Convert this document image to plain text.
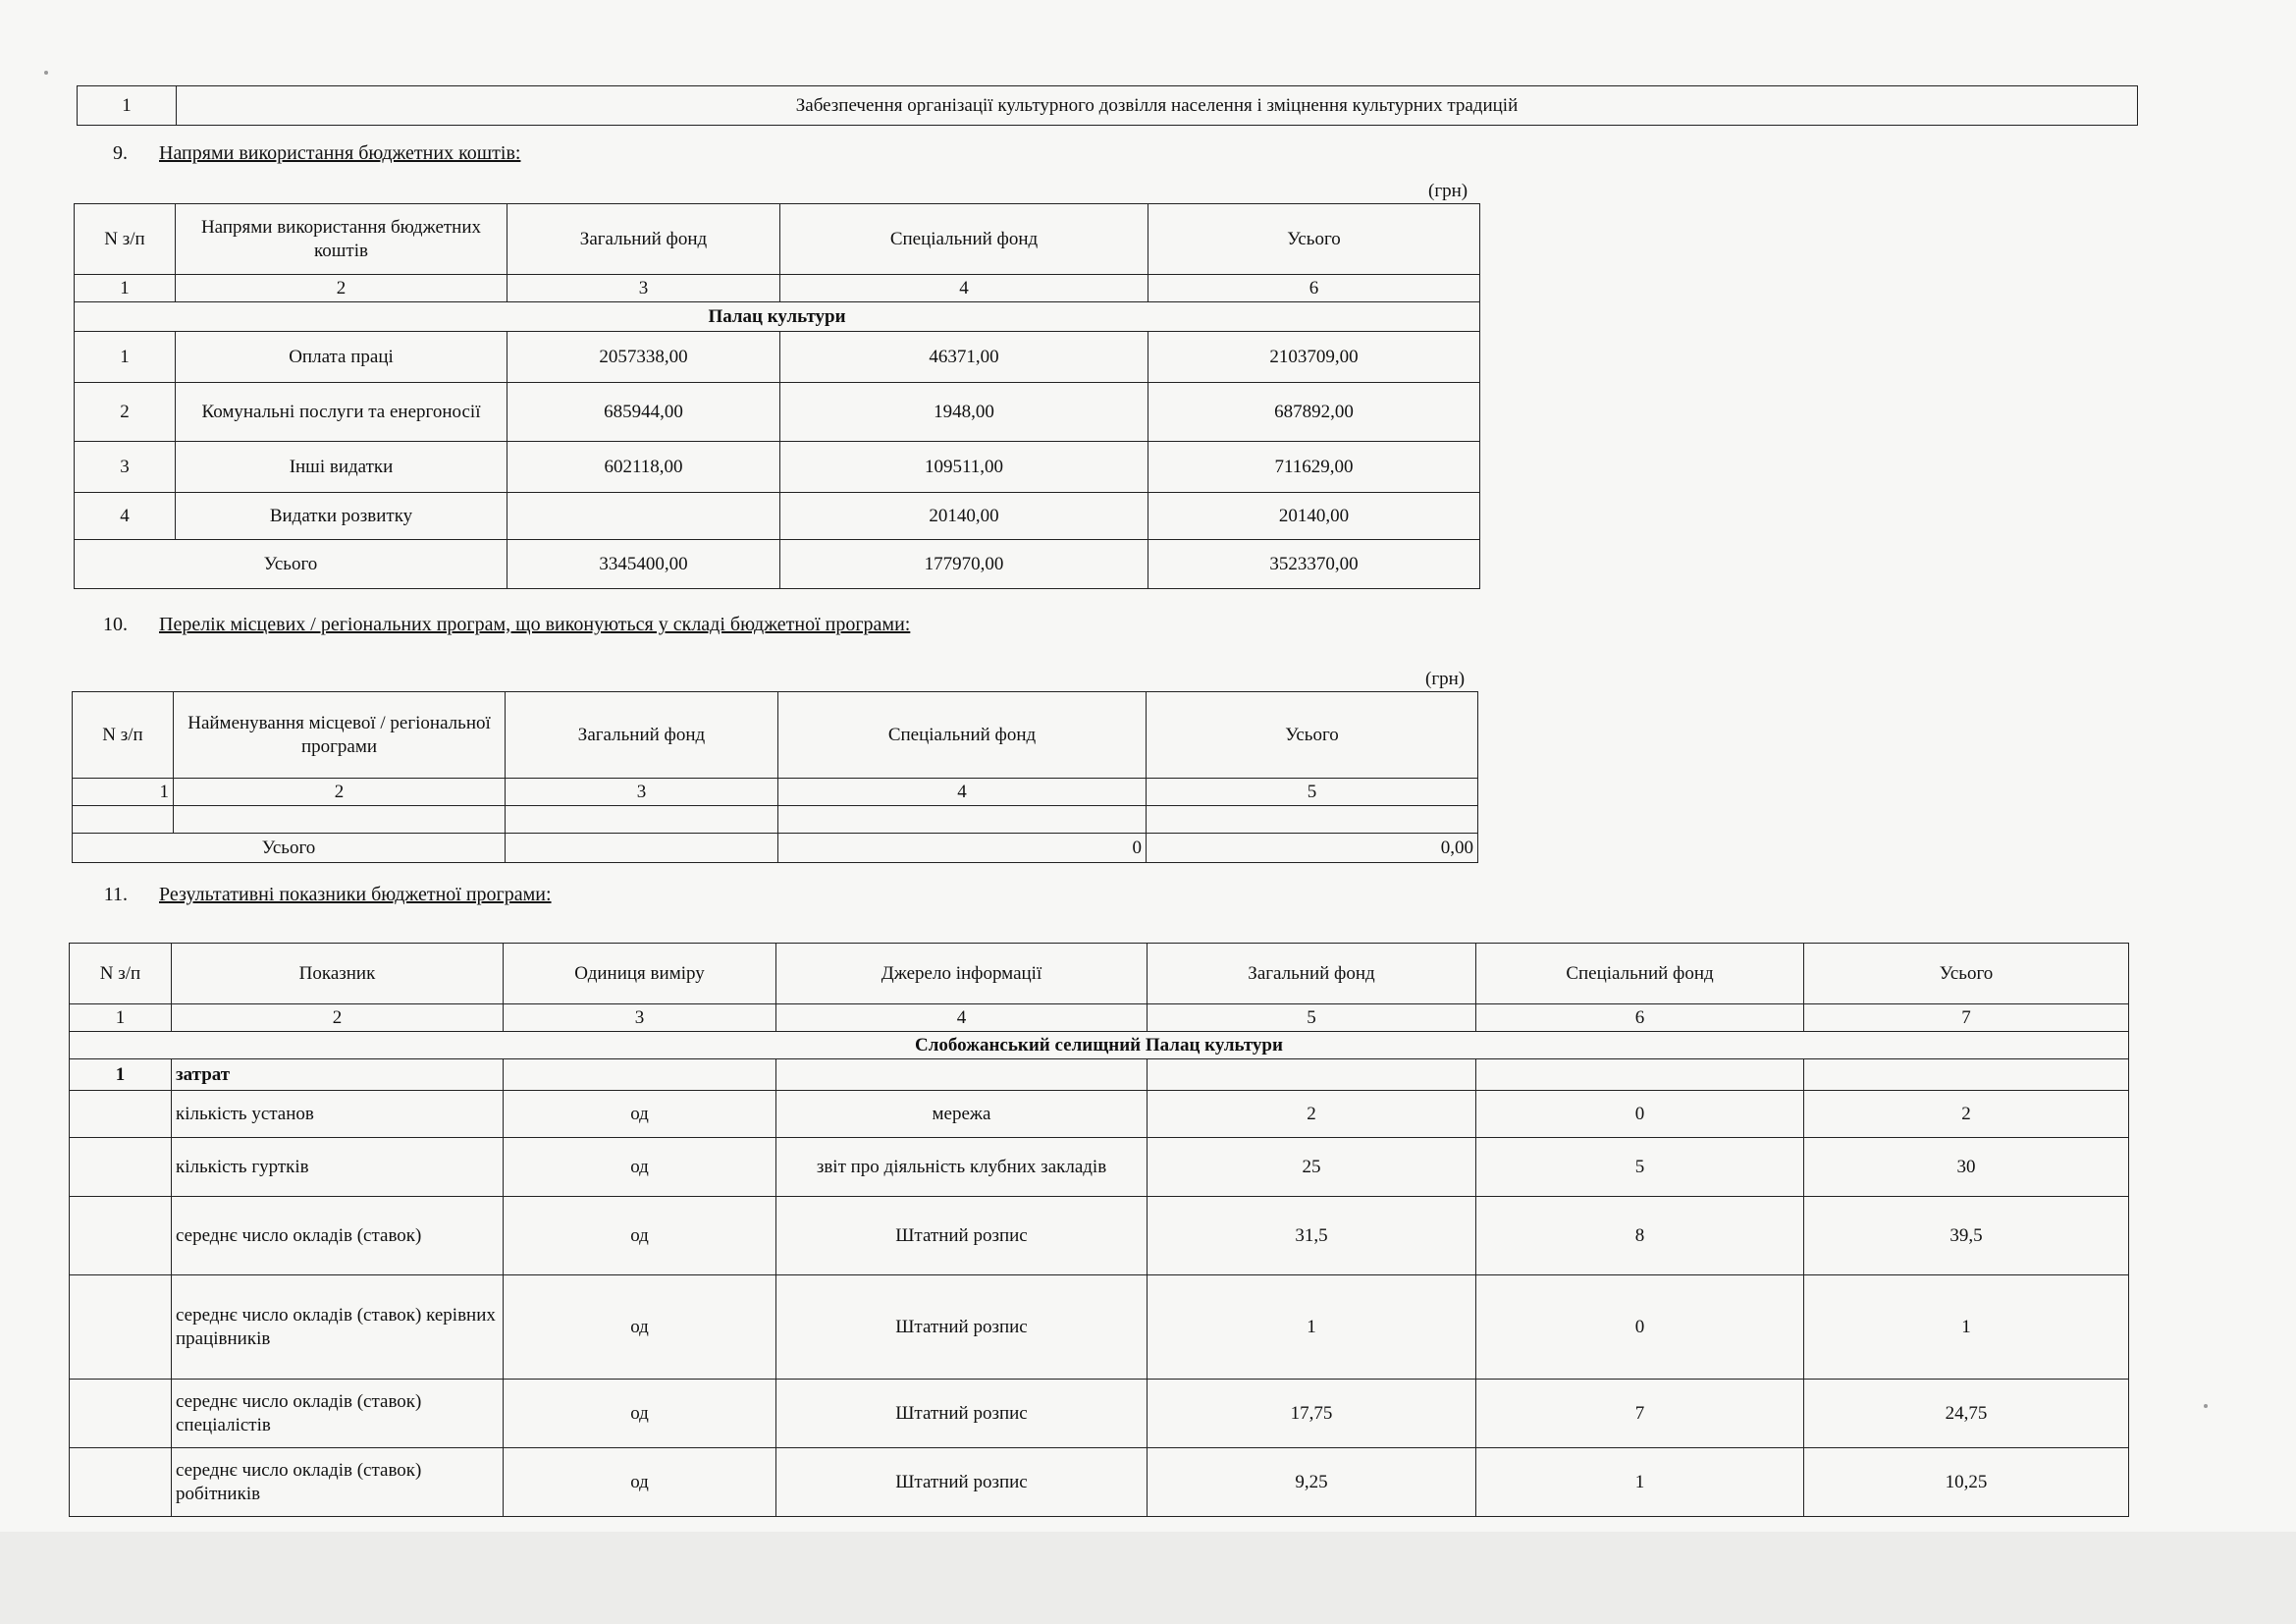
1	Забезпечення організації культурного дозвілля населення і зміцнення культурних традицій
9. Напрями використання бюджетних коштів:
(грн)
N з/п	Напрями використання бюджетних коштів	Загальний фонд	Спеціальний фонд	Усього
1	2	3	4	6
Палац культури				
1	Оплата праці	2057338,00	46371,00	2103709,00
2	Комунальні послуги та енергоносії	685944,00	1948,00	687892,00
3	Інші видатки	602118,00	109511,00	711629,00
4	Видатки розвитку		20140,00	20140,00
Усього		3345400,00	177970,00	3523370,00
10. Перелік місцевих / регіональних програм, що виконуються у складі бюджетної програми:
(грн)
N з/п	Найменування місцевої / регіональної програми	Загальний фонд	Спеціальний фонд	Усього
1	2	3	4	5

Усього			0	0,00
11. Результативні показники бюджетної програми:
N з/п	Показник	Одиниця виміру	Джерело інформації	Загальний фонд	Спеціальний фонд	Усього
1	2	3	4	5	6	7
Слобожанський селищний Палац культури						
1	затрат					
	кількість установ	од	мережа	2	0	2
	кількість гуртків	од	звіт про діяльність клубних закладів	25	5	30
	середнє число окладів (ставок)	од	Штатний розпис	31,5	8	39,5
	середнє число окладів (ставок) керівних працівників	од	Штатний розпис	1	0	1
	середнє число окладів (ставок) спеціалістів	од	Штатний розпис	17,75	7	24,75
	середнє число окладів (ставок) робітників	од	Штатний розпис	9,25	1	10,25
